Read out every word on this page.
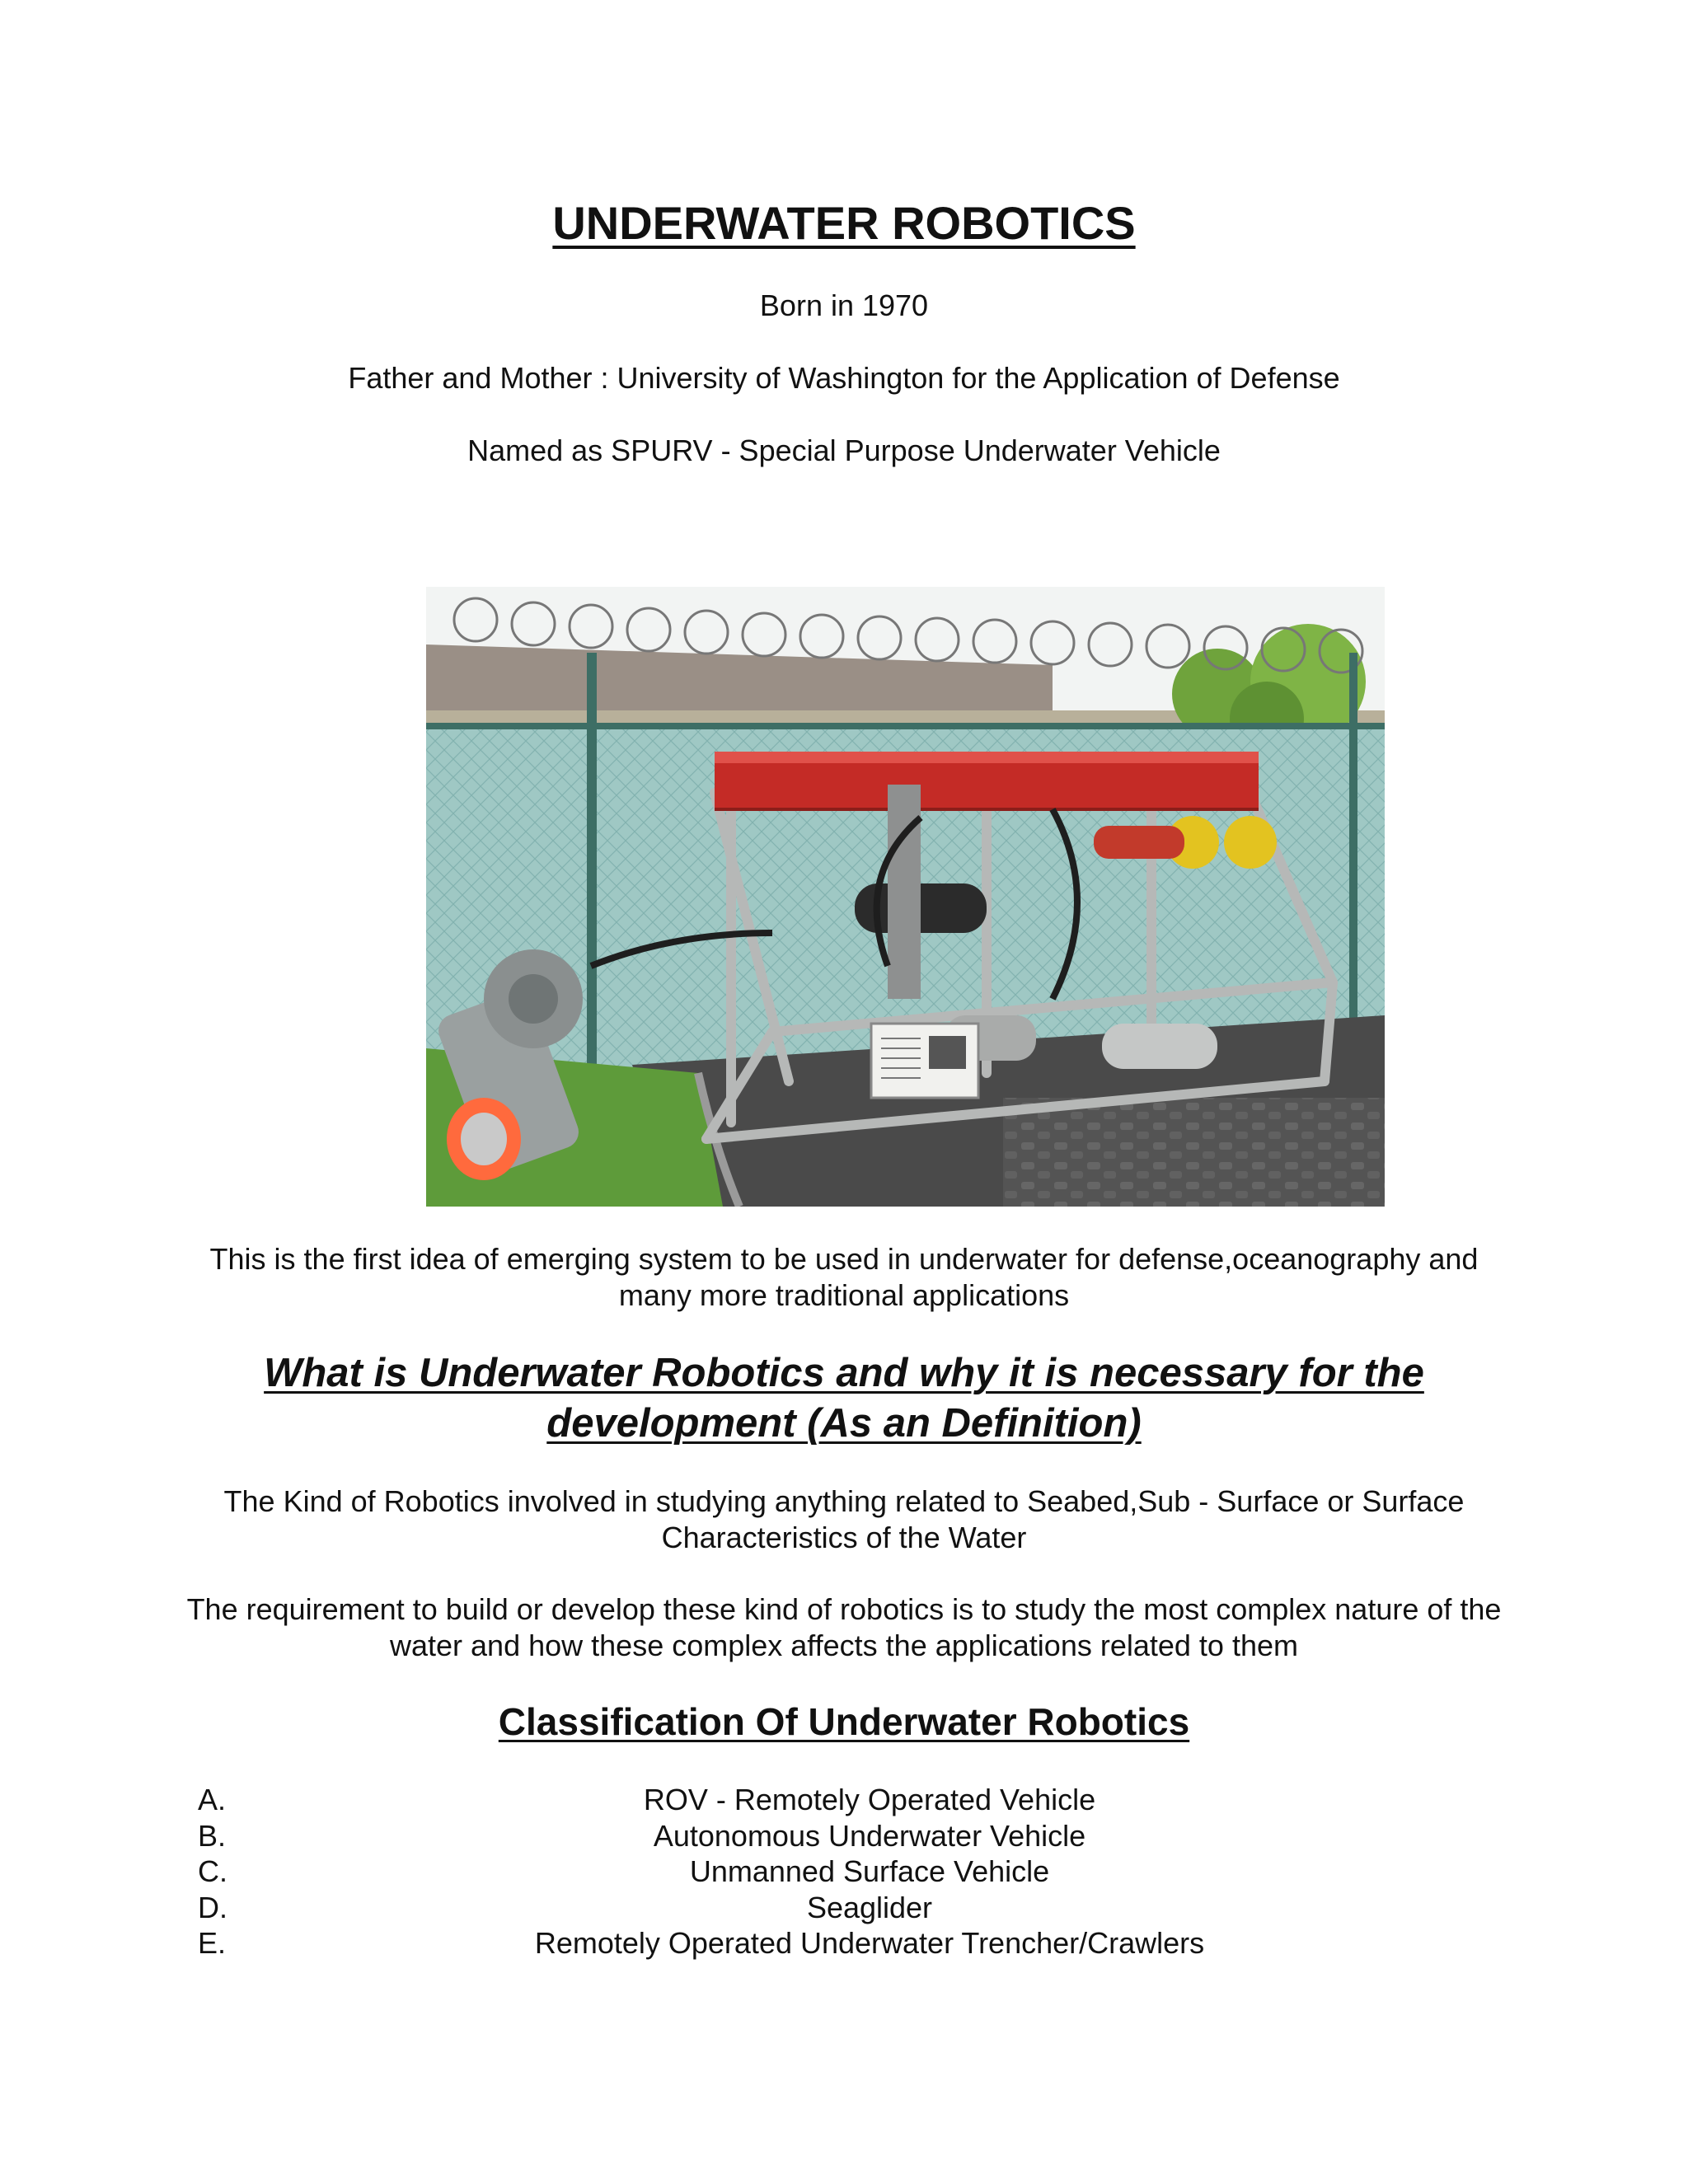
UNDERWATER ROBOTICS
Born in 1970
Father and Mother : University of Washington for the Application of Defense
Named as SPURV - Special Purpose Underwater Vehicle
This is the first idea of emerging system to be used in underwater for defense,oceanography and many more traditional applications
What is Underwater Robotics and why it is necessary for the development (As an Definition)
The Kind of Robotics involved in studying anything related to Seabed,Sub - Surface or Surface Characteristics of the Water
The requirement to build or develop these kind of robotics is to study the most complex nature of the water and how these complex affects the applications related to them
Classification Of Underwater Robotics
A.	ROV - Remotely Operated Vehicle
B.	Autonomous Underwater Vehicle
C.	Unmanned Surface Vehicle
D.	Seaglider
E.	Remotely Operated Underwater Trencher/Crawlers
